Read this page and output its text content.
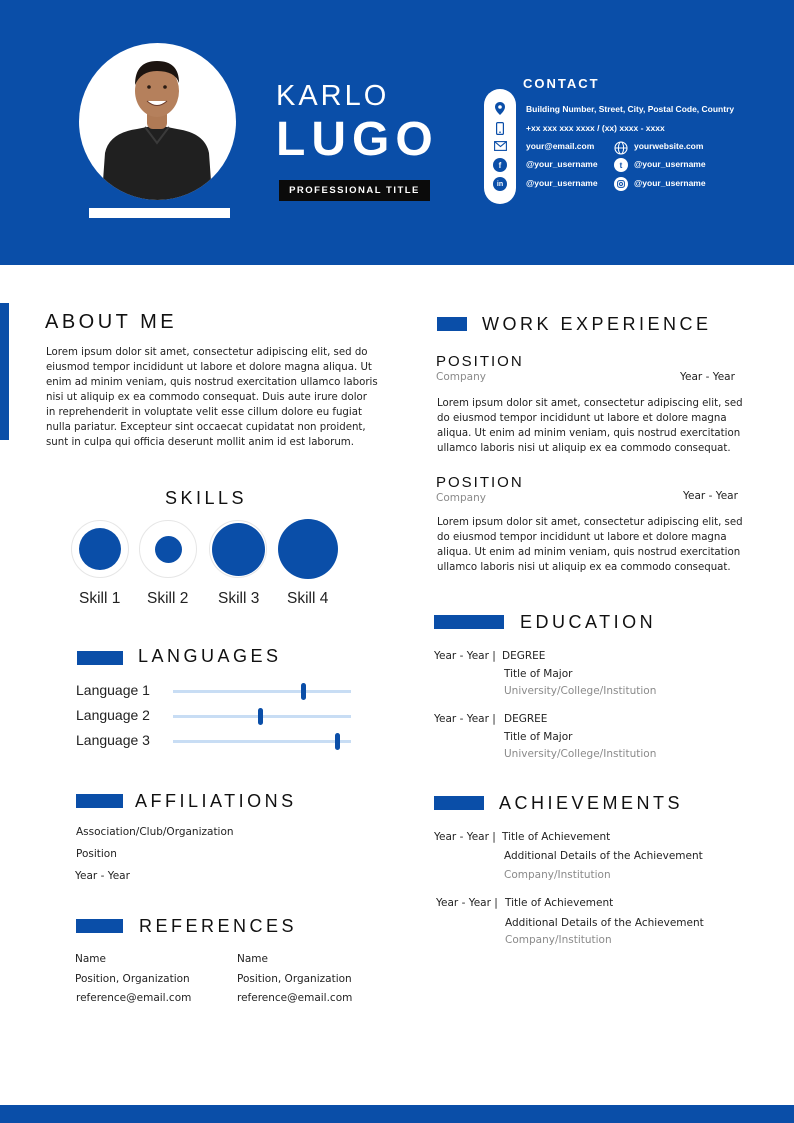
KARLO
LUGO
PROFESSIONAL TITLE
CONTACT
f
in
Building Number, Street, City, Postal Code, Country
+xx xxx xxx xxxx / (xx) xxxx - xxxx
your@email.com
@your_username
@your_username
t
yourwebsite.com
@your_username
@your_username
ABOUT ME
Lorem ipsum dolor sit amet, consectetur adipiscing elit, sed do
eiusmod tempor incididunt ut labore et dolore magna aliqua. Ut
enim ad minim veniam, quis nostrud exercitation ullamco laboris
nisi ut aliquip ex ea commodo consequat. Duis aute irure dolor
in reprehenderit in voluptate velit esse cillum dolore eu fugiat
nulla pariatur. Excepteur sint occaecat cupidatat non proident,
sunt in culpa qui officia deserunt mollit anim id est laborum.
SKILLS
Skill 1 Skill 2 Skill 3 Skill 4
LANGUAGES
Language 1
Language 2
Language 3
AFFILIATIONS
Association/Club/Organization
Position
Year - Year
REFERENCES
Name
Position, Organization
reference@email.com
Name
Position, Organization
reference@email.com
WORK EXPERIENCE
POSITION
Company	Year - Year
Lorem ipsum dolor sit amet, consectetur adipiscing elit, sed
do eiusmod tempor incididunt ut labore et dolore magna
aliqua. Ut enim ad minim veniam, quis nostrud exercitation
ullamco laboris nisi ut aliquip ex ea commodo consequat.
POSITION
Company	Year - Year
Lorem ipsum dolor sit amet, consectetur adipiscing elit, sed
do eiusmod tempor incididunt ut labore et dolore magna
aliqua. Ut enim ad minim veniam, quis nostrud exercitation
ullamco laboris nisi ut aliquip ex ea commodo consequat.
EDUCATION
Year - Year | DEGREE
Title of Major
University/College/Institution
Year - Year | DEGREE
Title of Major
University/College/Institution
ACHIEVEMENTS
Year - Year | Title of Achievement
Additional Details of the Achievement
Company/Institution
Year - Year | Title of Achievement
Additional Details of the Achievement
Company/Institution
